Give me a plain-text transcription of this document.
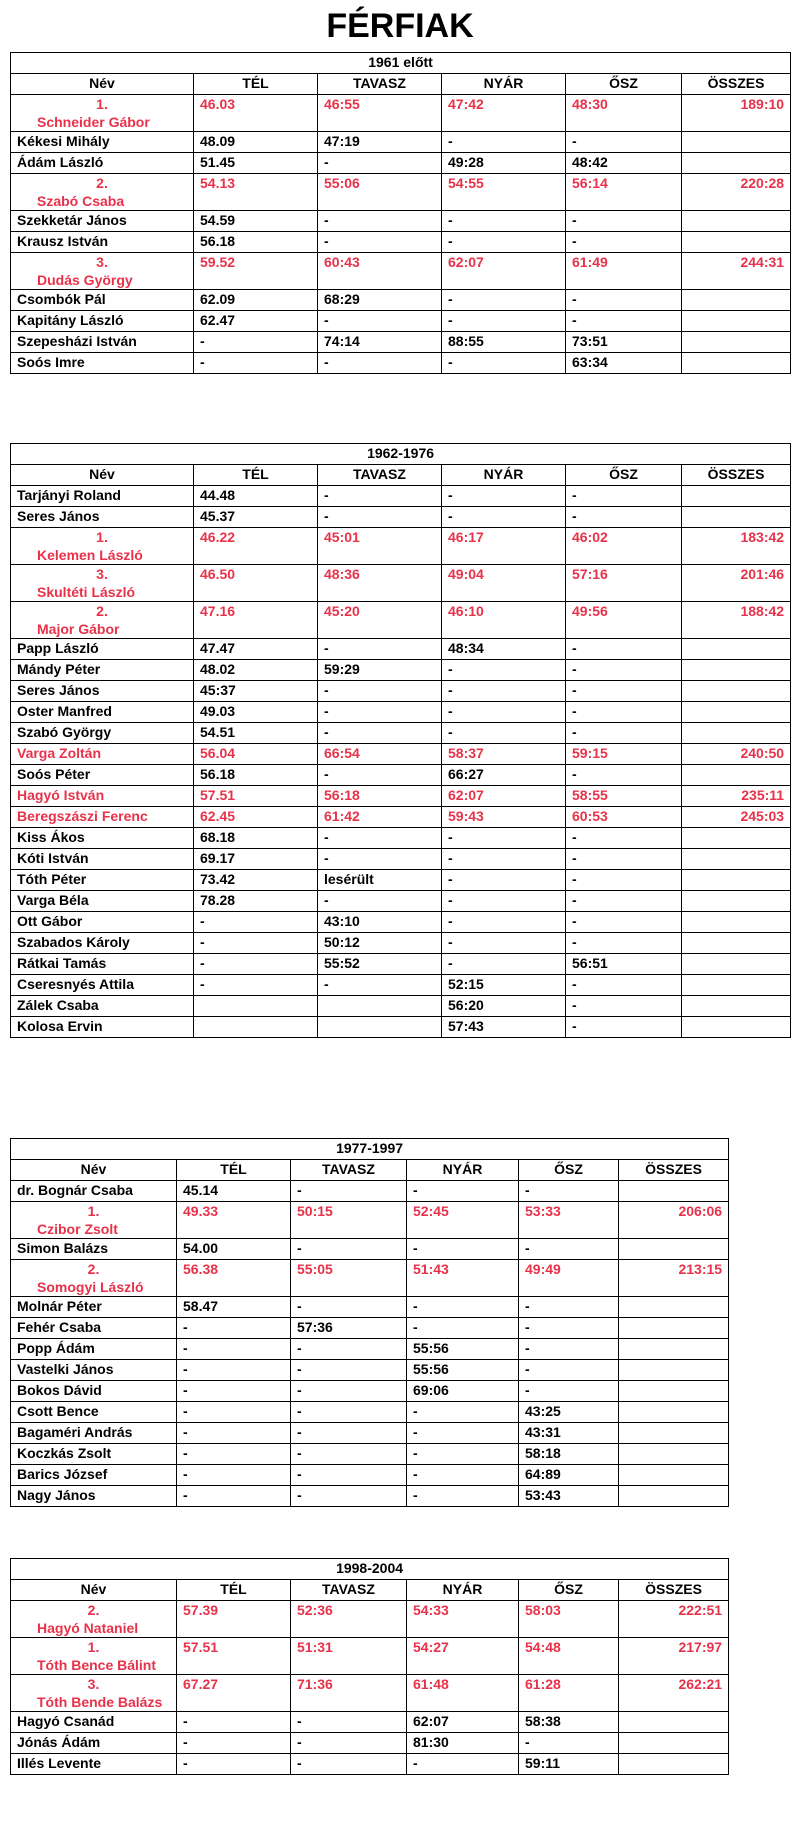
FÉRFIAK
1961 előtt					
Név	TÉL	TAVASZ	NYÁR	ŐSZ	ÖSSZES

1.
Schneider Gábor	46.03	46:55	47:42	48:30	189:10
Kékesi Mihály	48.09	47:19	-	-	
Ádám László	51.45	-	49:28	48:42	

2.
Szabó Csaba	54.13	55:06	54:55	56:14	220:28
Szekketár János	54.59	-	-	-	
Krausz István	56.18	-	-	-	

3.
Dudás György	59.52	60:43	62:07	61:49	244:31
Csombók Pál	62.09	68:29	-	-	
Kapitány László	62.47	-	-	-	
Szepesházi István	-	74:14	88:55	73:51	
Soós Imre	-	-	-	63:34	
1962-1976					
Név	TÉL	TAVASZ	NYÁR	ŐSZ	ÖSSZES
Tarjányi Roland	44.48	-	-	-	
Seres János	45.37	-	-	-	

1.
Kelemen László	46.22	45:01	46:17	46:02	183:42

3.
Skultéti László	46.50	48:36	49:04	57:16	201:46

2.
Major Gábor	47.16	45:20	46:10	49:56	188:42
Papp László	47.47	-	48:34	-	
Mándy Péter	48.02	59:29	-	-	
Seres János	45:37	-	-	-	
Oster Manfred	49.03	-	-	-	
Szabó György	54.51	-	-	-	
Varga Zoltán	56.04	66:54	58:37	59:15	240:50
Soós Péter	56.18	-	66:27	-	
Hagyó István	57.51	56:18	62:07	58:55	235:11
Beregszászi Ferenc	62.45	61:42	59:43	60:53	245:03
Kiss Ákos	68.18	-	-	-	
Kóti István	69.17	-	-	-	
Tóth Péter	73.42	lesérült	-	-	
Varga Béla	78.28	-	-	-	
Ott Gábor	-	43:10	-	-	
Szabados Károly	-	50:12	-	-	
Rátkai Tamás	-	55:52	-	56:51	
Cseresnyés Attila	-	-	52:15	-	
Zálek Csaba			56:20	-	
Kolosa Ervin			57:43	-	
1977-1997					
Név	TÉL	TAVASZ	NYÁR	ŐSZ	ÖSSZES
dr. Bognár Csaba	45.14	-	-	-	

1.
Czibor Zsolt	49.33	50:15	52:45	53:33	206:06
Simon Balázs	54.00	-	-	-	

2.
Somogyi László	56.38	55:05	51:43	49:49	213:15
Molnár Péter	58.47	-	-	-	
Fehér Csaba	-	57:36	-	-	
Popp Ádám	-	-	55:56	-	
Vastelki János	-	-	55:56	-	
Bokos Dávid	-	-	69:06	-	
Csott Bence	-	-	-	43:25	
Bagaméri András	-	-	-	43:31	
Koczkás Zsolt	-	-	-	58:18	
Barics József	-	-	-	64:89	
Nagy János	-	-	-	53:43	
1998-2004					
Név	TÉL	TAVASZ	NYÁR	ŐSZ	ÖSSZES

2.
Hagyó Nataniel	57.39	52:36	54:33	58:03	222:51

1.
Tóth Bence Bálint	57.51	51:31	54:27	54:48	217:97

3.
Tóth Bende Balázs	67.27	71:36	61:48	61:28	262:21
Hagyó Csanád	-	-	62:07	58:38	
Jónás Ádám	-	-	81:30	-	
Illés Levente	-	-	-	59:11	
